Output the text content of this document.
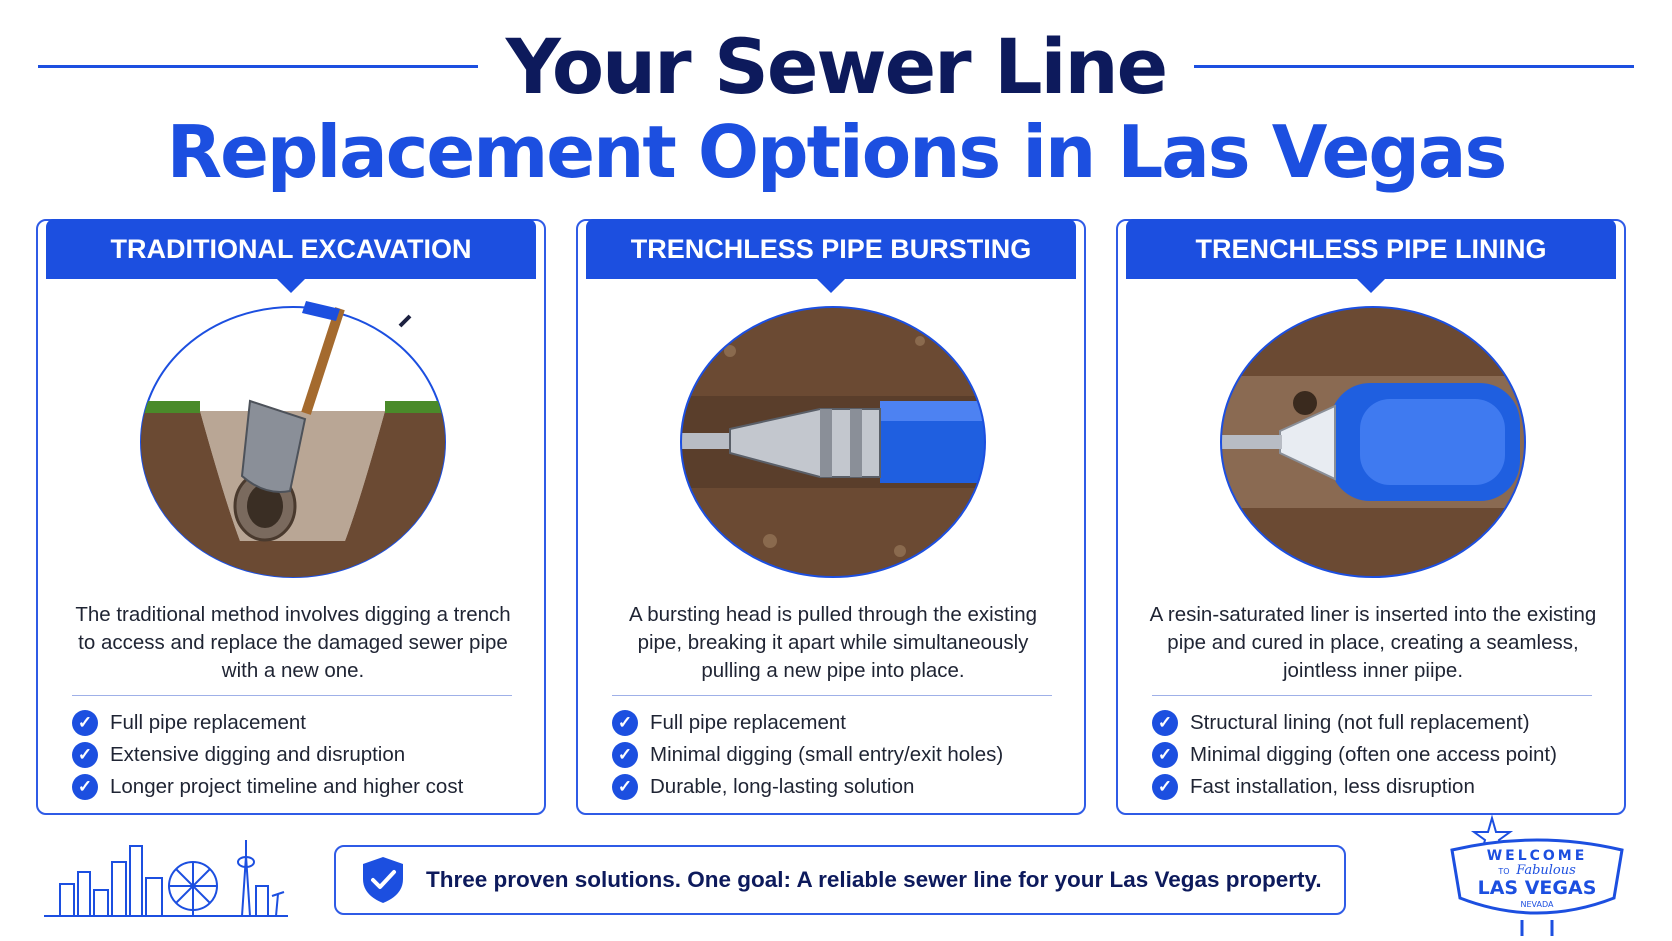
Your Sewer Line
Replacement Options in Las Vegas
TRADITIONAL EXCAVATION
The traditional method involves digging a trench to access and replace the damaged sewer pipe with a new one.
✓ Full pipe replacement
✓ Extensive digging and disruption
✓ Longer project timeline and higher cost
TRENCHLESS PIPE BURSTING
A bursting head is pulled through the existing pipe, breaking it apart while simultaneously pulling a new pipe into place.
✓ Full pipe replacement
✓ Minimal digging (small entry/exit holes)
✓ Durable, long-lasting solution
TRENCHLESS PIPE LINING
A resin-saturated liner is inserted into the existing pipe and cured in place, creating a seamless, jointless inner piipe.
✓ Structural lining (not full replacement)
✓ Minimal digging (often one access point)
✓ Fast installation, less disruption
Three proven solutions. One goal: A reliable sewer line for your Las Vegas property.
WELCOME
TO Fabulous
LAS VEGAS
NEVADA
